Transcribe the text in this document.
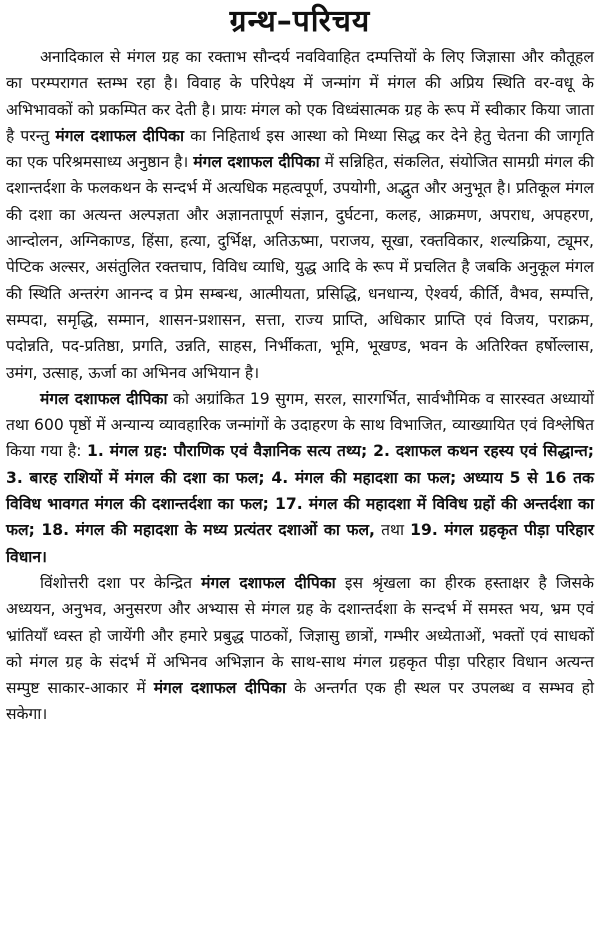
ग्रन्थ–परिचय

अनादिकाल से मंगल ग्रह का रक्ताभ सौन्दर्य नवविवाहित दम्पत्तियों के लिए जिज्ञासा और कौतूहल का परम्परागत स्तम्भ रहा है। विवाह के परिपेक्ष्य में जन्मांग में मंगल की अप्रिय स्थिति वर-वधू के अभिभावकों को प्रकम्पित कर देती है। प्रायः मंगल को एक विध्वंसात्मक ग्रह के रूप में स्वीकार किया जाता है परन्तु मंगल दशाफल दीपिका का निहितार्थ इस आस्था को मिथ्या सिद्ध कर देने हेतु चेतना की जागृति का एक परिश्रमसाध्य अनुष्ठान है। मंगल दशाफल दीपिका में सन्निहित, संकलित, संयोजित सामग्री मंगल की दशान्तर्दशा के फलकथन के सन्दर्भ में अत्यधिक महत्वपूर्ण, उपयोगी, अद्भुत और अनुभूत है। प्रतिकूल मंगल की दशा का अत्यन्त अल्पज्ञता और अज्ञानतापूर्ण संज्ञान, दुर्घटना, कलह, आक्रमण, अपराध, अपहरण, आन्दोलन, अग्निकाण्ड, हिंसा, हत्या, दुर्भिक्ष, अतिऊष्मा, पराजय, सूखा, रक्तविकार, शल्यक्रिया, ट्यूमर, पेप्टिक अल्सर, असंतुलित रक्तचाप, विविध व्याधि, युद्ध आदि के रूप में प्रचलित है जबकि अनुकूल मंगल की स्थिति अन्तरंग आनन्द व प्रेम सम्बन्ध, आत्मीयता, प्रसिद्धि, धनधान्य, ऐश्वर्य, कीर्ति, वैभव, सम्पत्ति, सम्पदा, समृद्धि, सम्मान, शासन-प्रशासन, सत्ता, राज्य प्राप्ति, अधिकार प्राप्ति एवं विजय, पराक्रम, पदोन्नति, पद-प्रतिष्ठा, प्रगति, उन्नति, साहस, निर्भीकता, भूमि, भूखण्ड, भवन के अतिरिक्त हर्षोल्लास, उमंग, उत्साह, ऊर्जा का अभिनव अभियान है।

मंगल दशाफल दीपिका को अग्रांकित 19 सुगम, सरल, सारगर्भित, सार्वभौमिक व सारस्वत अध्यायों तथा 600 पृष्ठों में अन्यान्य व्यावहारिक जन्मांगों के उदाहरण के साथ विभाजित, व्याख्यायित एवं विश्लेषित किया गया है: 1. मंगल ग्रह: पौराणिक एवं वैज्ञानिक सत्य तथ्य; 2. दशाफल कथन रहस्य एवं सिद्धान्त; 3. बारह राशियों में मंगल की दशा का फल; 4. मंगल की महादशा का फल; अध्याय 5 से 16 तक विविध भावगत मंगल की दशान्तर्दशा का फल; 17. मंगल की महादशा में विविध ग्रहों की अन्तर्दशा का फल; 18. मंगल की महादशा के मध्य प्रत्यंतर दशाओं का फल, तथा 19. मंगल ग्रहकृत पीड़ा परिहार विधान।

विंशोत्तरी दशा पर केन्द्रित मंगल दशाफल दीपिका इस श्रृंखला का हीरक हस्ताक्षर है जिसके अध्ययन, अनुभव, अनुसरण और अभ्यास से मंगल ग्रह के दशान्तर्दशा के सन्दर्भ में समस्त भय, भ्रम एवं भ्रांतियाँ ध्वस्त हो जायेंगी और हमारे प्रबुद्ध पाठकों, जिज्ञासु छात्रों, गम्भीर अध्येताओं, भक्तों एवं साधकों को मंगल ग्रह के संदर्भ में अभिनव अभिज्ञान के साथ-साथ मंगल ग्रहकृत पीड़ा परिहार विधान अत्यन्त सम्पुष्ट साकार-आकार में मंगल दशाफल दीपिका के अन्तर्गत एक ही स्थल पर उपलब्ध व सम्भव हो सकेगा।
